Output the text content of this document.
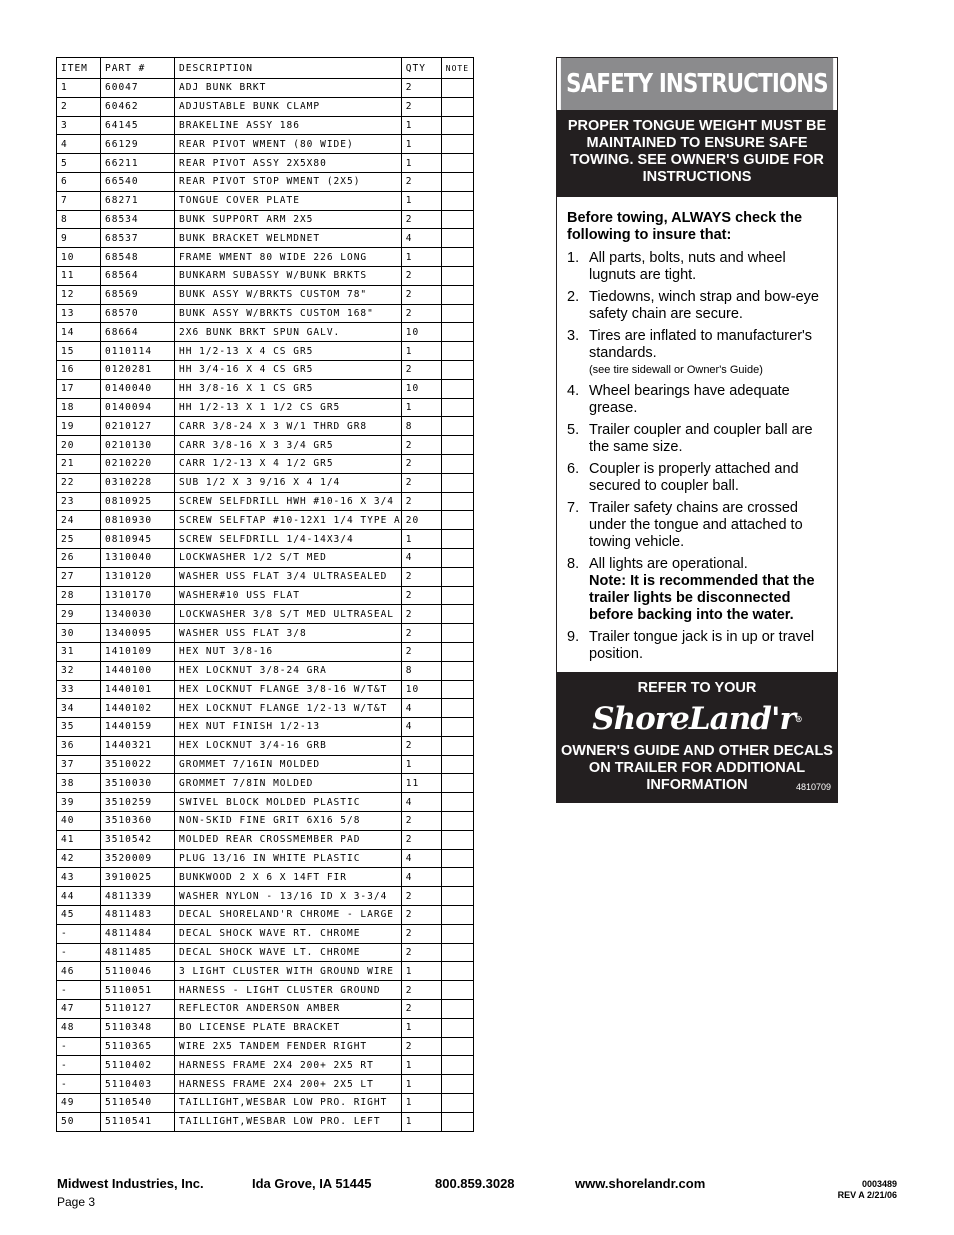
ITEM	PART #	DESCRIPTION	QTY	NOTE
1	60047	ADJ BUNK BRKT	2	
2	60462	ADJUSTABLE BUNK CLAMP	2	
3	64145	BRAKELINE ASSY 186	1	
4	66129	REAR PIVOT WMENT (80 WIDE)	1	
5	66211	REAR PIVOT ASSY 2X5X80	1	
6	66540	REAR PIVOT STOP WMENT (2X5)	2	
7	68271	TONGUE COVER PLATE	1	
8	68534	BUNK SUPPORT ARM 2X5	2	
9	68537	BUNK BRACKET WELMDNET	4	
10	68548	FRAME WMENT 80 WIDE 226 LONG	1	
11	68564	BUNKARM SUBASSY W/BUNK BRKTS	2	
12	68569	BUNK ASSY W/BRKTS CUSTOM 78"	2	
13	68570	BUNK ASSY W/BRKTS CUSTOM 168"	2	
14	68664	2X6 BUNK BRKT SPUN GALV.	10	
15	0110114	HH 1/2-13 X 4 CS GR5	1	
16	0120281	HH 3/4-16 X 4 CS GR5	2	
17	0140040	HH 3/8-16 X 1 CS GR5	10	
18	0140094	HH 1/2-13 X 1 1/2 CS GR5	1	
19	0210127	CARR 3/8-24 X 3 W/1 THRD GR8	8	
20	0210130	CARR 3/8-16 X 3 3/4 GR5	2	
21	0210220	CARR 1/2-13 X 4 1/2 GR5	2	
22	0310228	SUB 1/2 X 3 9/16 X 4 1/4	2	
23	0810925	SCREW SELFDRILL HWH #10-16 X 3/4	2	
24	0810930	SCREW SELFTAP #10-12X1 1/4 TYPE A	20	
25	0810945	SCREW SELFDRILL 1/4-14X3/4	1	
26	1310040	LOCKWASHER 1/2 S/T MED	4	
27	1310120	WASHER USS FLAT 3/4 ULTRASEALED	2	
28	1310170	WASHER#10 USS FLAT	2	
29	1340030	LOCKWASHER 3/8 S/T MED ULTRASEAL	2	
30	1340095	WASHER USS FLAT 3/8	2	
31	1410109	HEX NUT 3/8-16	2	
32	1440100	HEX LOCKNUT 3/8-24 GRA	8	
33	1440101	HEX LOCKNUT FLANGE 3/8-16 W/T&T	10	
34	1440102	HEX LOCKNUT FLANGE 1/2-13 W/T&T	4	
35	1440159	HEX NUT FINISH 1/2-13	4	
36	1440321	HEX LOCKNUT 3/4-16 GRB	2	
37	3510022	GROMMET 7/16IN MOLDED	1	
38	3510030	GROMMET 7/8IN MOLDED	11	
39	3510259	SWIVEL BLOCK MOLDED PLASTIC	4	
40	3510360	NON-SKID FINE GRIT 6X16 5/8	2	
41	3510542	MOLDED REAR CROSSMEMBER PAD	2	
42	3520009	PLUG 13/16 IN WHITE PLASTIC	4	
43	3910025	BUNKWOOD 2 X 6 X 14FT FIR	4	
44	4811339	WASHER NYLON - 13/16 ID X 3-3/4	2	
45	4811483	DECAL SHORELAND'R CHROME - LARGE	2	
-	4811484	DECAL SHOCK WAVE RT. CHROME	2	
-	4811485	DECAL SHOCK WAVE LT. CHROME	2	
46	5110046	3 LIGHT CLUSTER WITH GROUND WIRE	1	
-	5110051	HARNESS - LIGHT CLUSTER GROUND	2	
47	5110127	REFLECTOR ANDERSON AMBER	2	
48	5110348	BO LICENSE PLATE BRACKET	1	
-	5110365	WIRE 2X5 TANDEM FENDER RIGHT	2	
-	5110402	HARNESS FRAME 2X4 200+ 2X5 RT	1	
-	5110403	HARNESS FRAME 2X4 200+ 2X5 LT	1	
49	5110540	TAILLIGHT,WESBAR LOW PRO. RIGHT	1	
50	5110541	TAILLIGHT,WESBAR LOW PRO. LEFT	1	
SAFETY INSTRUCTIONS
PROPER TONGUE WEIGHT MUST BE MAINTAINED TO ENSURE SAFE TOWING. SEE OWNER'S GUIDE FOR INSTRUCTIONS
Before towing, ALWAYS check the following to insure that:
1. All parts, bolts, nuts and wheel lugnuts are tight.
2. Tiedowns, winch strap and bow-eye safety chain are secure.
3. Tires are inflated to manufacturer's standards.
(see tire sidewall or Owner's Guide)
4. Wheel bearings have adequate grease.
5. Trailer coupler and coupler ball are the same size.
6. Coupler is properly attached and secured to coupler ball.
7. Trailer safety chains are crossed under the tongue and attached to towing vehicle.
8. All lights are operational.
Note: It is recommended that the trailer lights be disconnected before backing into the water.
9. Trailer tongue jack is in up or travel position.
REFER TO YOUR
ShoreLand'r®
OWNER'S GUIDE AND OTHER DECALS ON TRAILER FOR ADDITIONAL INFORMATION	4810709
Midwest Industries, Inc.	Ida Grove, IA 51445	800.859.3028	www.shorelandr.com
Page 3
0003489
REV A 2/21/06
